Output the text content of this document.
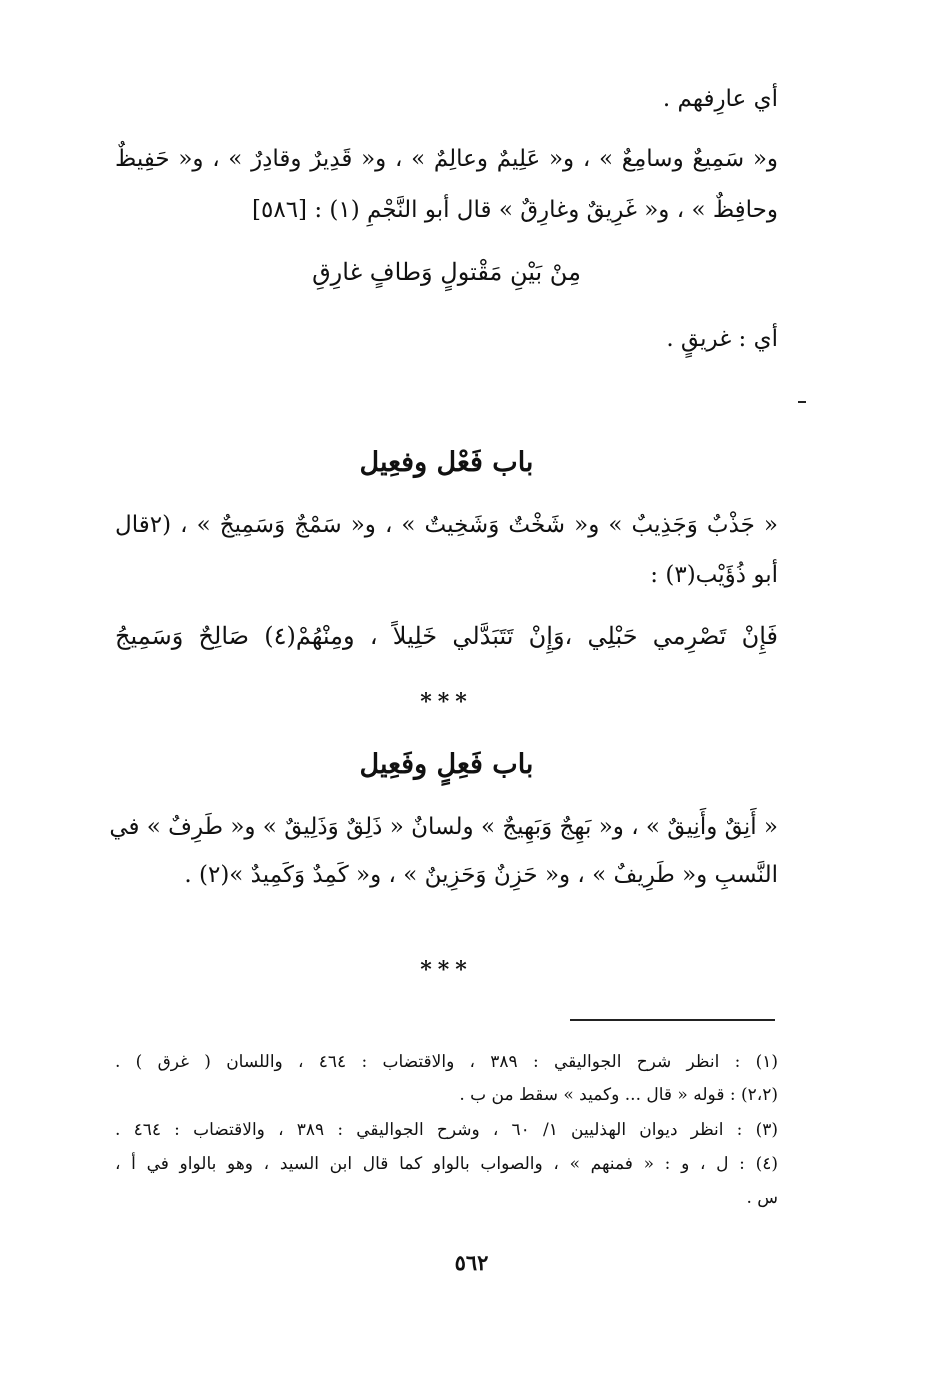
أي عارِفهم .
و« سَمِيعٌ وسامِعٌ » ، و« عَلِيمٌ وعالِمٌ » ، و« قَدِيرٌ وقادِرٌ » ، و« حَفِيظٌ
وحافِظٌ » ، و« غَرِيقٌ وغارِقٌ » قال أبو النَّجْمِ (١) : [٥٨٦]
مِنْ بَيْنِ مَقْتولٍ وَطافٍ غارِقِ
أي : غريقٍ .
باب فَعْل وفعِيل
« جَذْبٌ وَجَذِيبٌ » و« شَخْتٌ وَشَخِيتٌ » ، و« سَمْجٌ وَسَمِيجٌ » ، (٢قال
أبو ذُؤَيْب(٣) :
فَإِنْ تَصْرِمي حَبْلِي ،وَإِنْ تَتَبَدَّلي خَلِيلاً ، ومِنْهُمْ(٤) صَالِحٌ وَسَمِيجُ
***
باب فَعِلٍ وفَعِيل
« أَنِقٌ وأَنِيقٌ » ، و« بَهِجٌ وَبَهِيجٌ » ولسانٌ « ذَلِقٌ وَذَلِيقٌ » و« طَرِفٌ » في
النَّسبِ و« طَرِيفٌ » ، و« حَزِنٌ وَحَزِينٌ » ، و« كَمِدٌ وَكَمِيدٌ »(٢) .
***
(١) : انظر شرح الجواليقي : ٣٨٩ ، والاقتضاب : ٤٦٤ ، واللسان ( غرق ) .
(٢،٢) : قوله « قال ... وكميد » سقط من ب .
(٣) : انظر ديوان الهذليين ١/ ٦٠ ، وشرح الجواليقي : ٣٨٩ ، والاقتضاب : ٤٦٤ .
(٤) : ل ، و : « فمنهم » ، والصواب بالواو كما قال ابن السيد ، وهو بالواو في أ ،
س .
٥٦٢
